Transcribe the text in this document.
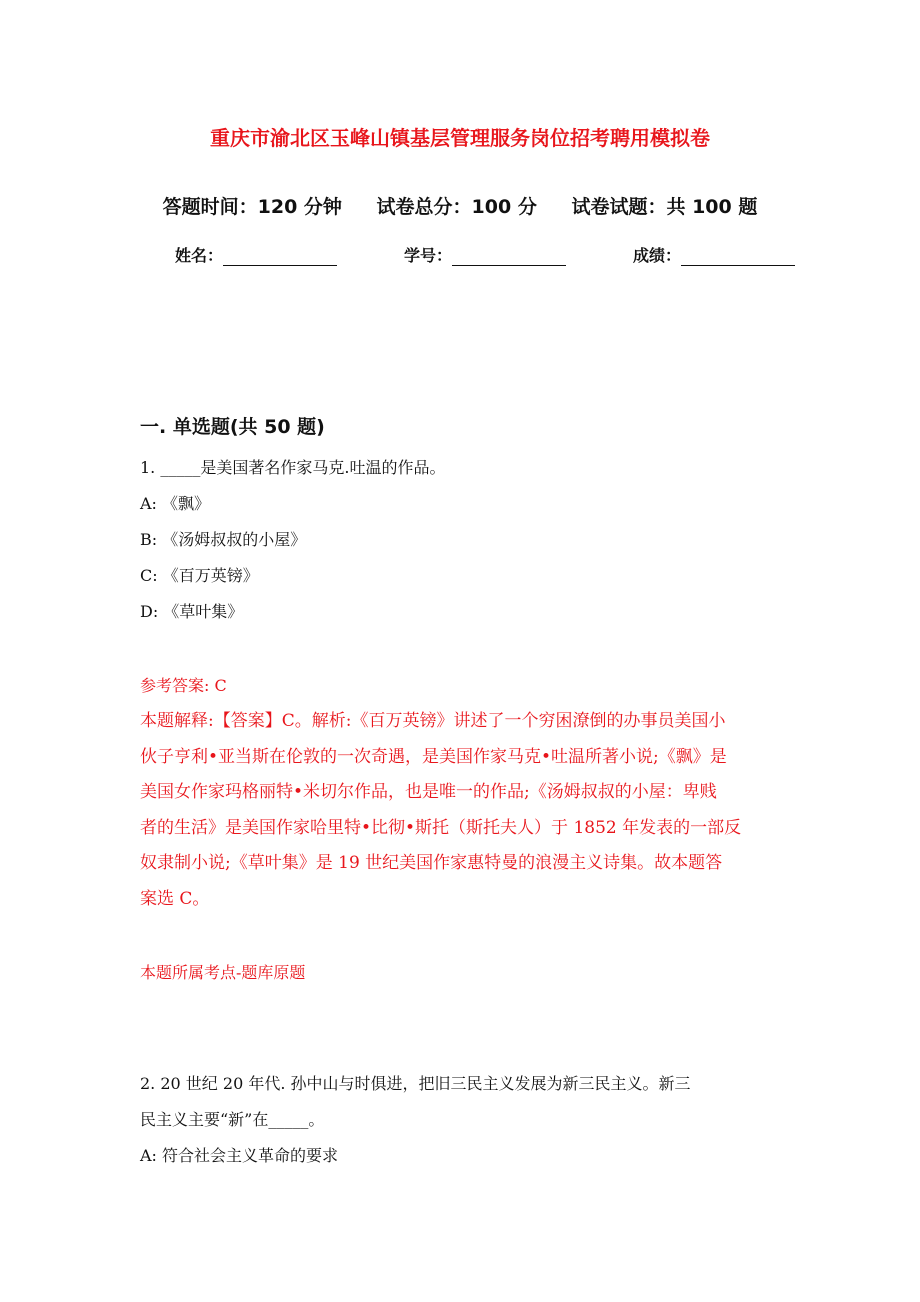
重庆市渝北区玉峰山镇基层管理服务岗位招考聘用模拟卷
答题时间：120 分钟 试卷总分：100 分 试卷试题：共 100 题
姓名：	学号：	成绩：
一. 单选题(共 50 题)
1. _____是美国著名作家马克.吐温的作品。
A: 《飘》
B: 《汤姆叔叔的小屋》
C: 《百万英镑》
D: 《草叶集》
参考答案: C
本题解释:【答案】C。解析:《百万英镑》讲述了一个穷困潦倒的办事员美国小
伙子亨利•亚当斯在伦敦的一次奇遇，是美国作家马克•吐温所著小说;《飘》是
美国女作家玛格丽特•米切尔作品，也是唯一的作品;《汤姆叔叔的小屋：卑贱
者的生活》是美国作家哈里特•比彻•斯托（斯托夫人）于 1852 年发表的一部反
奴隶制小说;《草叶集》是 19 世纪美国作家惠特曼的浪漫主义诗集。故本题答
案选 C。
本题所属考点-题库原题
2. 20 世纪 20 年代. 孙中山与时俱进，把旧三民主义发展为新三民主义。新三
民主义主要“新”在_____。
A: 符合社会主义革命的要求
